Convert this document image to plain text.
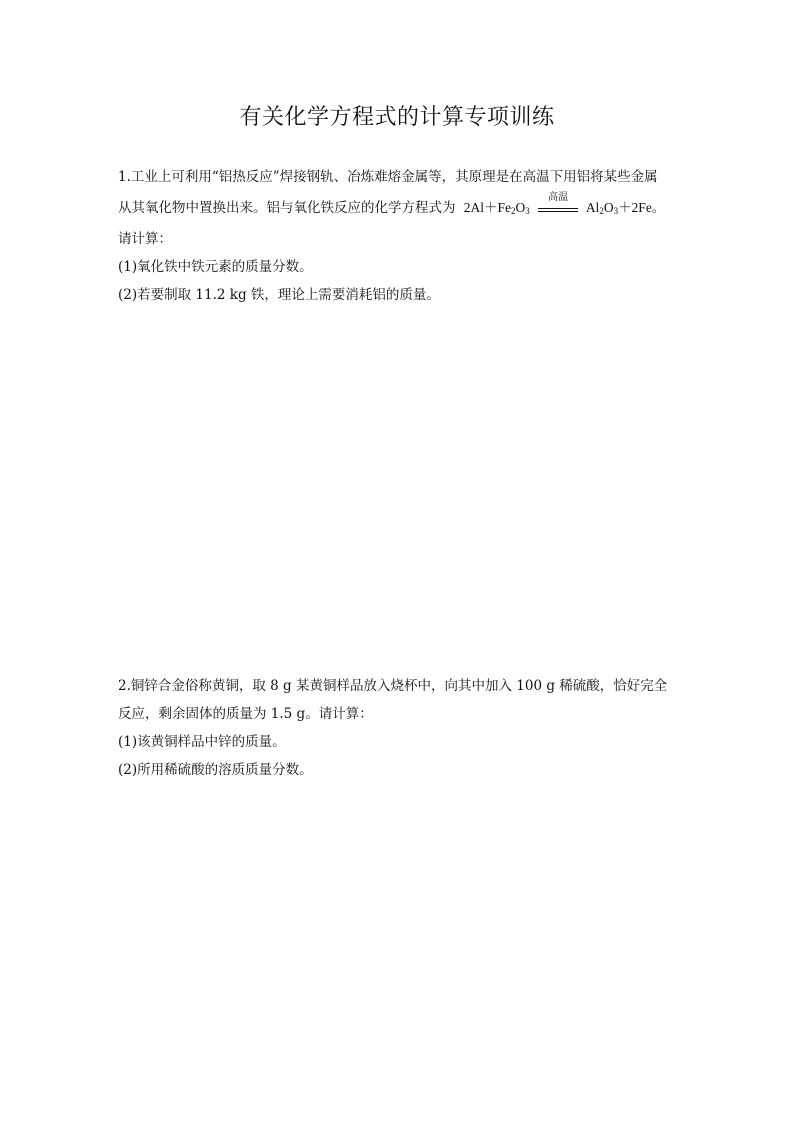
有关化学方程式的计算专项训练
1.工业上可利用“铝热反应”焊接钢轨、冶炼难熔金属等，其原理是在高温下用铝将某些金属
从其氧化物中置换出来。铝与氧化铁反应的化学方程式为 $2Al+Fe_2O_3$
高温
$Al_2O_3+2Fe$。
请计算：
(1)氧化铁中铁元素的质量分数。
(2)若要制取 11.2 kg 铁，理论上需要消耗铝的质量。
2.铜锌合金俗称黄铜，取 8 g 某黄铜样品放入烧杯中，向其中加入 100 g 稀硫酸，恰好完全
反应，剩余固体的质量为 1.5 g。请计算：
(1)该黄铜样品中锌的质量。
(2)所用稀硫酸的溶质质量分数。
